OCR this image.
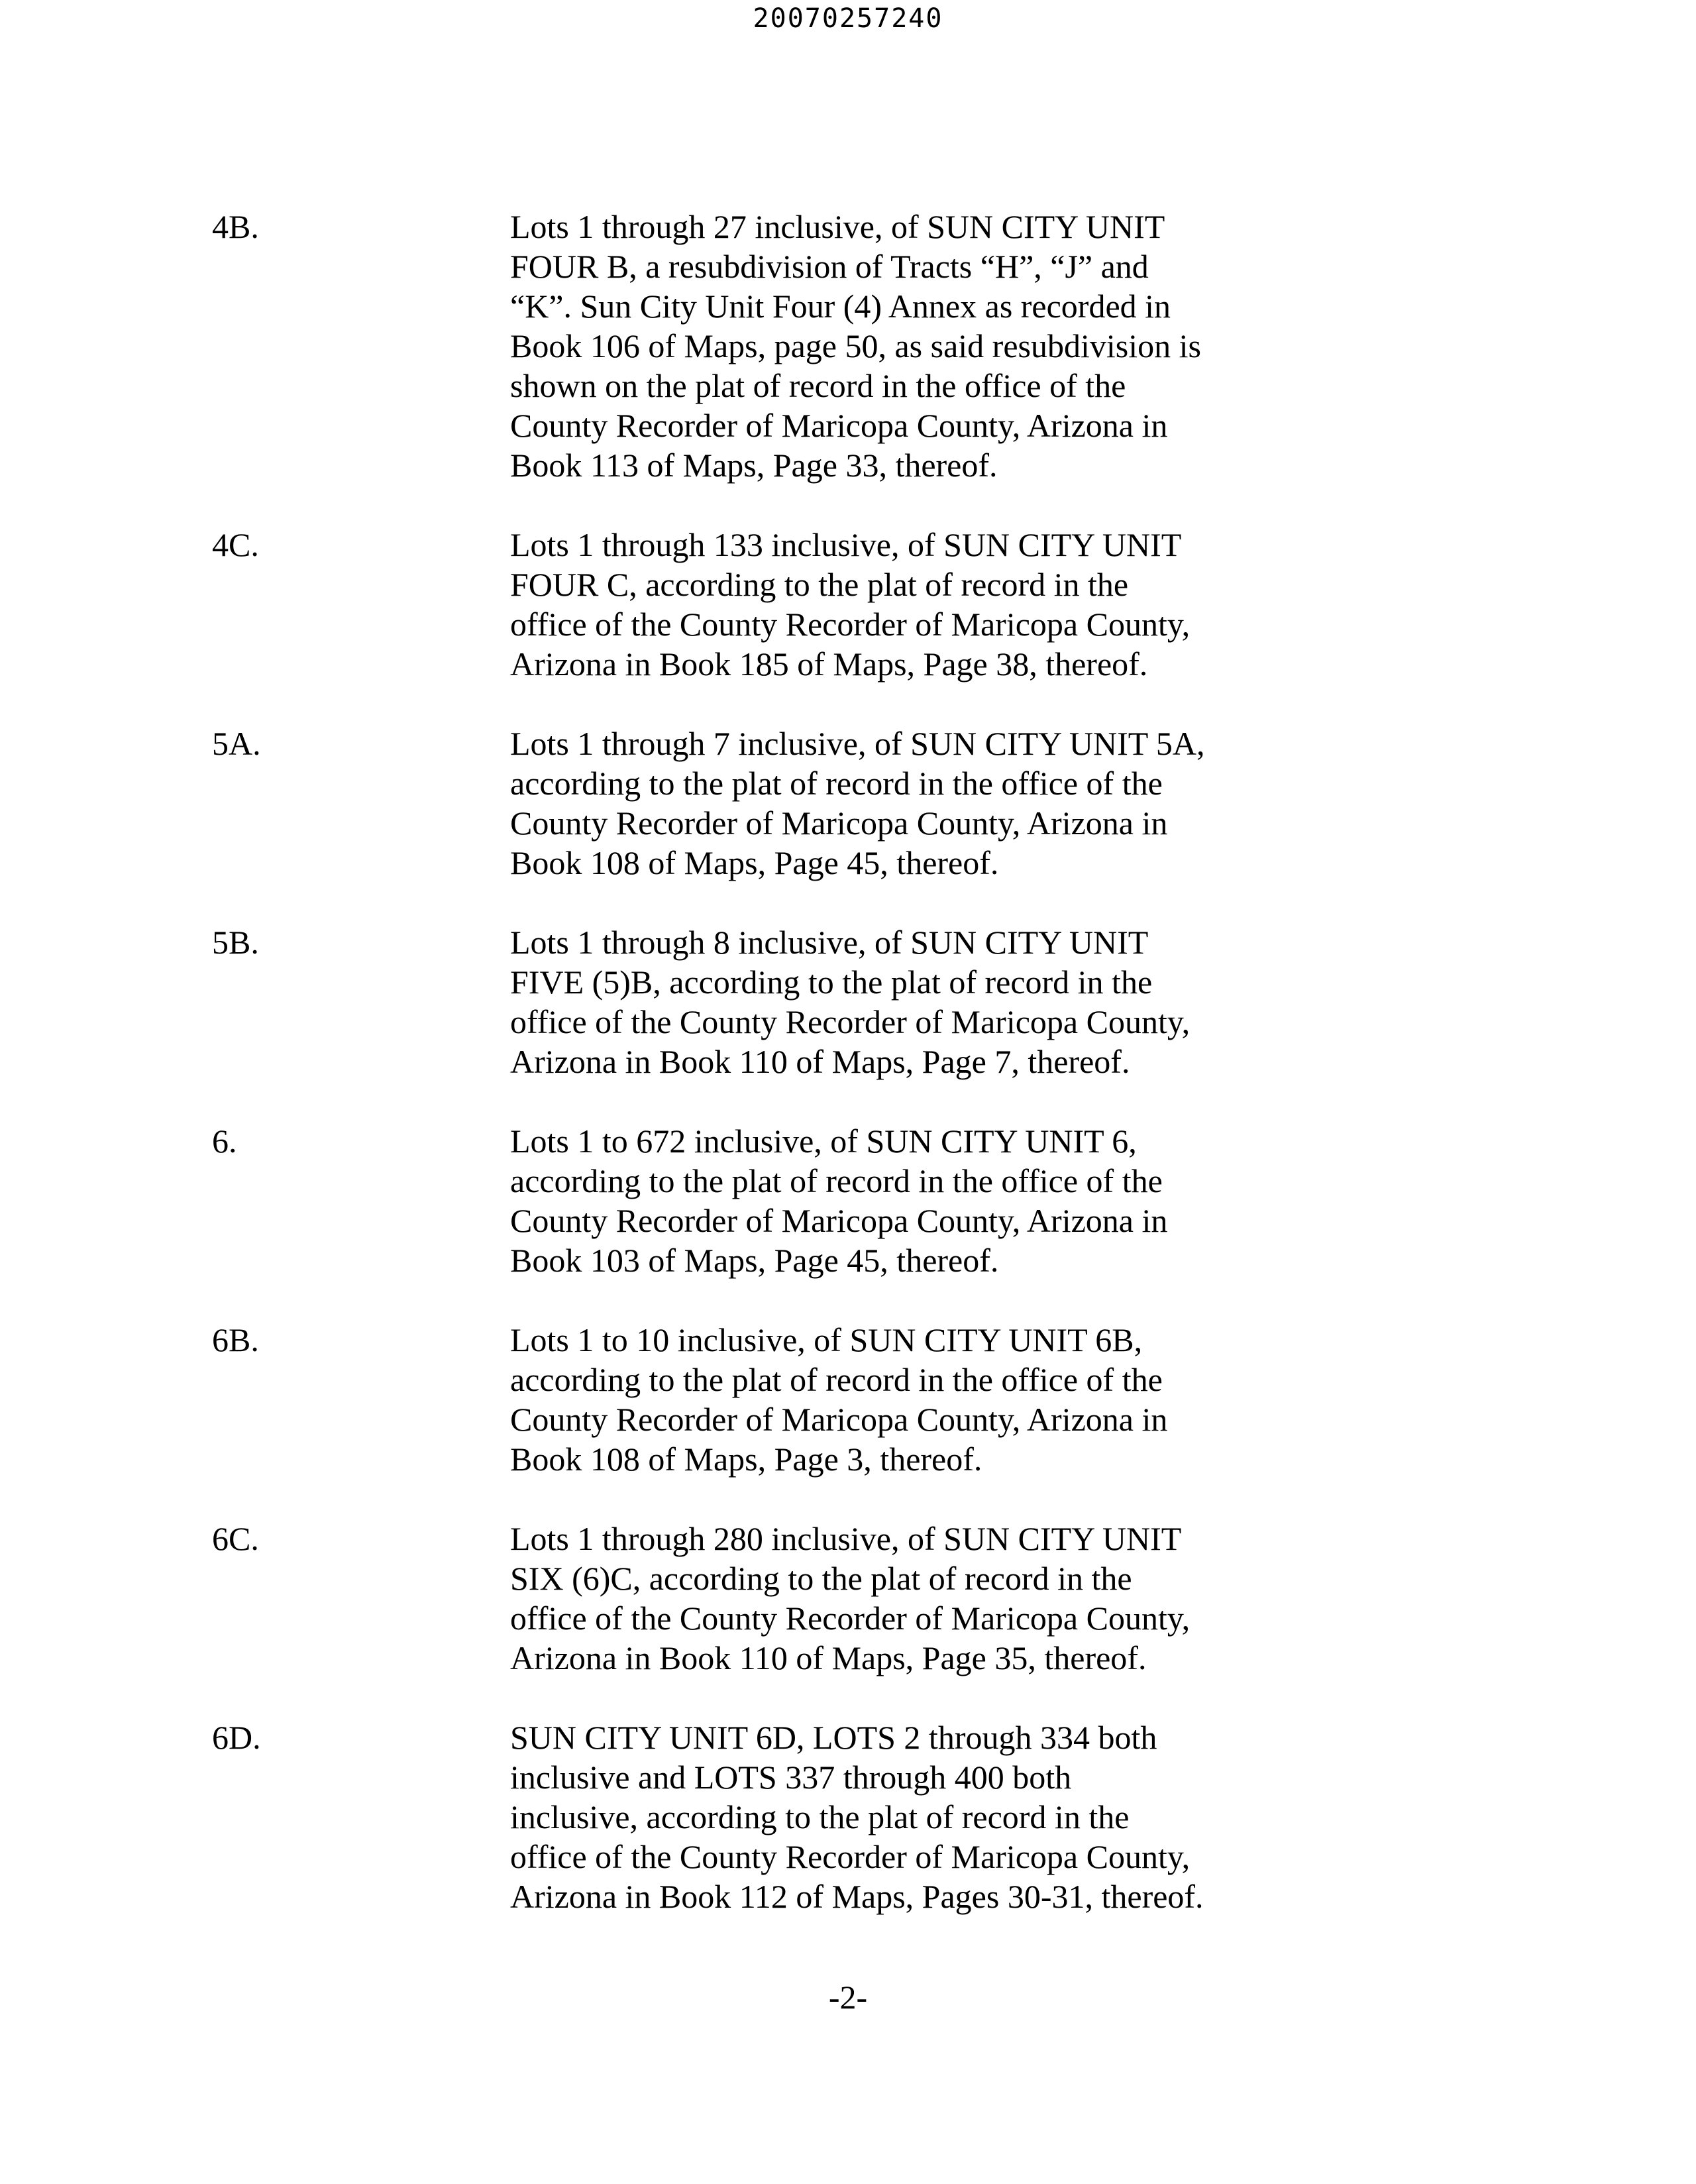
20070257240
4B.	Lots 1 through 27 inclusive, of SUN CITY UNIT
FOUR B, a resubdivision of Tracts “H”, “J” and
“K”. Sun City Unit Four (4) Annex as recorded in
Book 106 of Maps, page 50, as said resubdivision is
shown on the plat of record in the office of the
County Recorder of Maricopa County, Arizona in
Book 113 of Maps, Page 33, thereof.
4C.	Lots 1 through 133 inclusive, of SUN CITY UNIT
FOUR C, according to the plat of record in the
office of the County Recorder of Maricopa County,
Arizona in Book 185 of Maps, Page 38, thereof.
5A.	Lots 1 through 7 inclusive, of SUN CITY UNIT 5A,
according to the plat of record in the office of the
County Recorder of Maricopa County, Arizona in
Book 108 of Maps, Page 45, thereof.
5B.	Lots 1 through 8 inclusive, of SUN CITY UNIT
FIVE (5)B, according to the plat of record in the
office of the County Recorder of Maricopa County,
Arizona in Book 110 of Maps, Page 7, thereof.
6.	Lots 1 to 672 inclusive, of SUN CITY UNIT 6,
according to the plat of record in the office of the
County Recorder of Maricopa County, Arizona in
Book 103 of Maps, Page 45, thereof.
6B.	Lots 1 to 10 inclusive, of SUN CITY UNIT 6B,
according to the plat of record in the office of the
County Recorder of Maricopa County, Arizona in
Book 108 of Maps, Page 3, thereof.
6C.	Lots 1 through 280 inclusive, of SUN CITY UNIT
SIX (6)C, according to the plat of record in the
office of the County Recorder of Maricopa County,
Arizona in Book 110 of Maps, Page 35, thereof.
6D.	SUN CITY UNIT 6D, LOTS 2 through 334 both
inclusive and LOTS 337 through 400 both
inclusive, according to the plat of record in the
office of the County Recorder of Maricopa County,
Arizona in Book 112 of Maps, Pages 30-31, thereof.
-2-
